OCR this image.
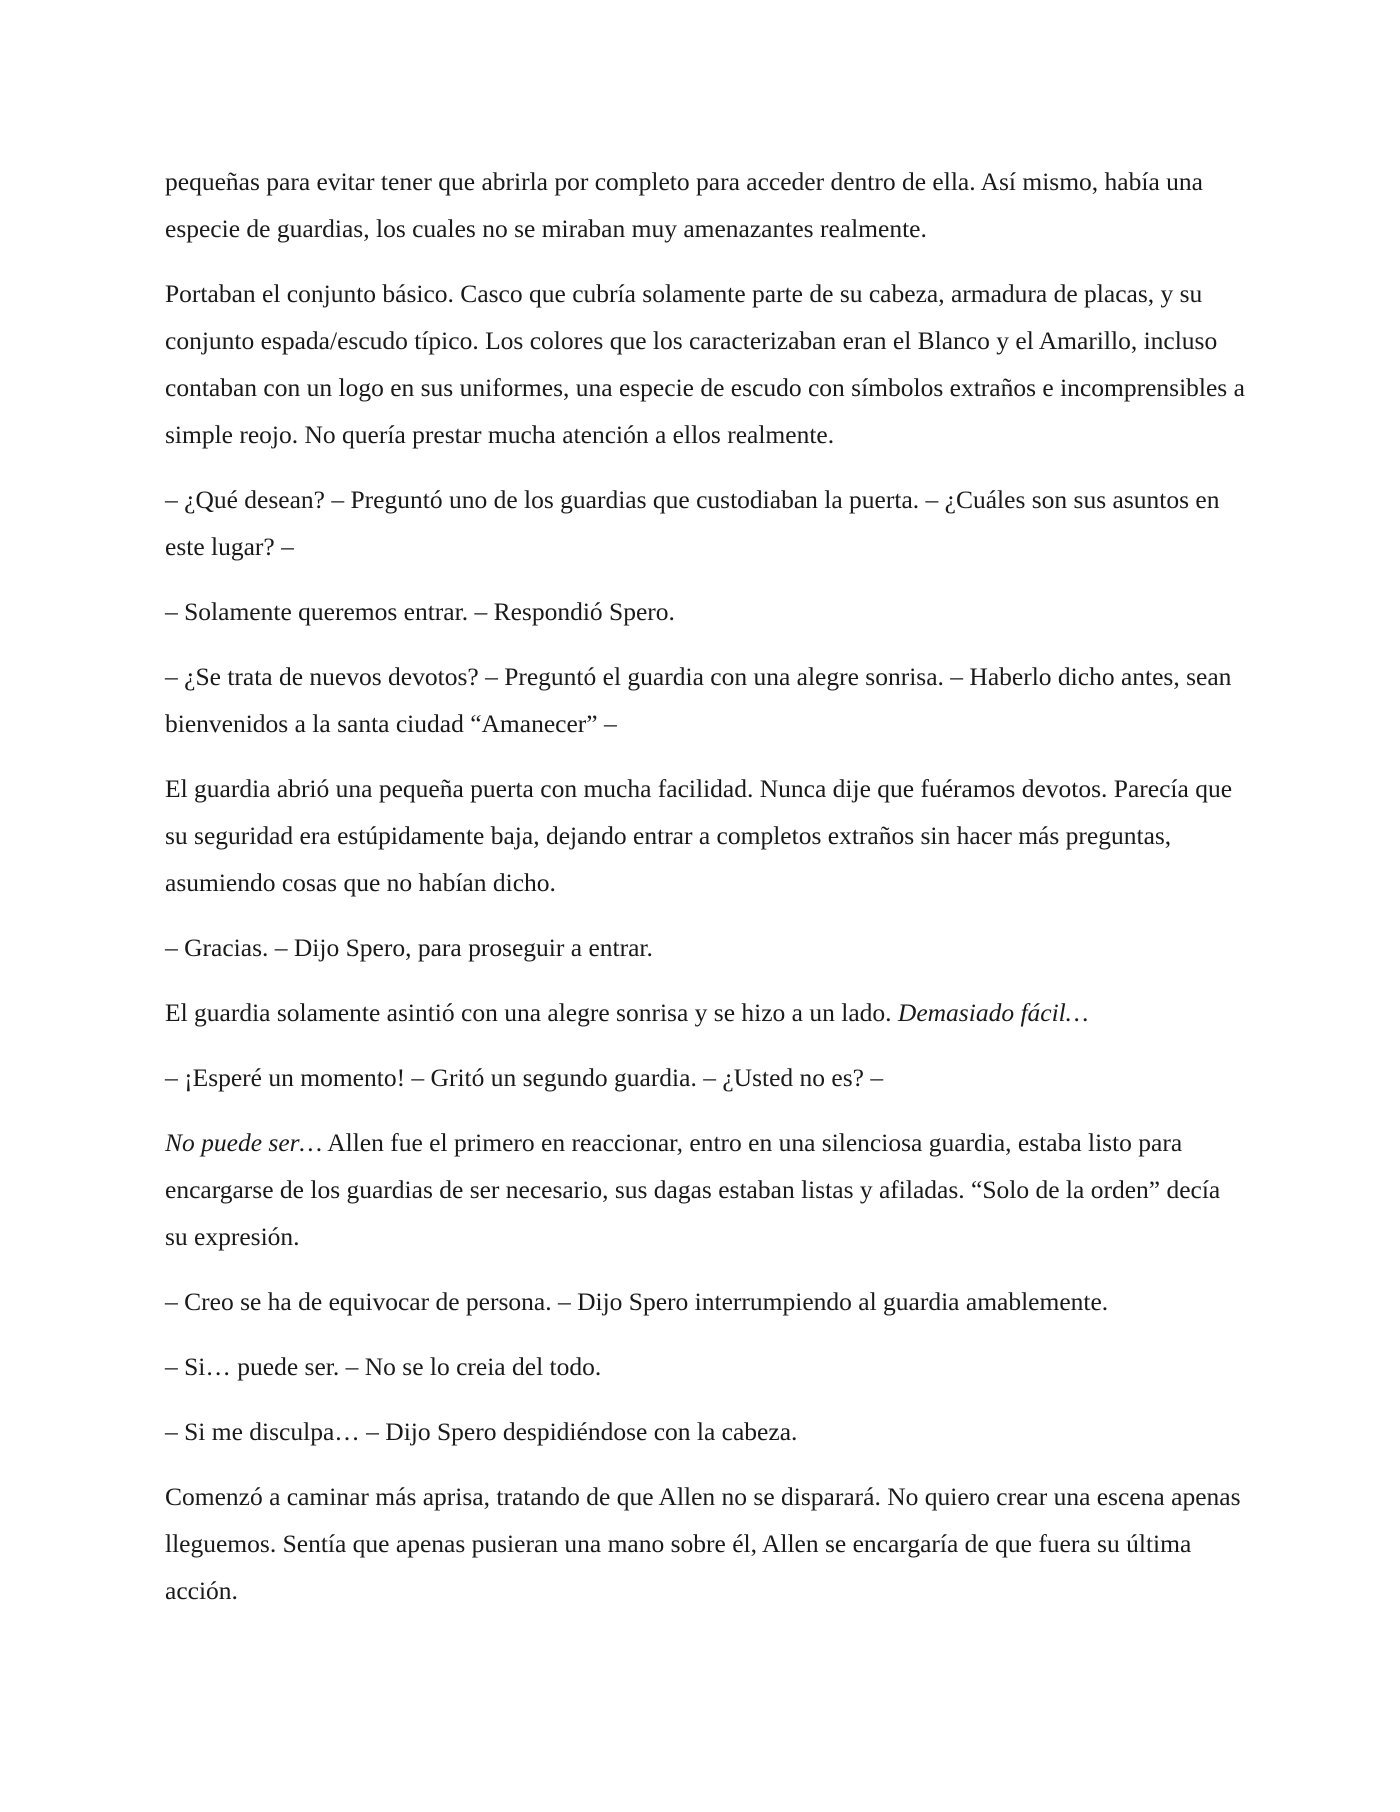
pequeñas para evitar tener que abrirla por completo para acceder dentro de ella. Así mismo, había una especie de guardias, los cuales no se miraban muy amenazantes realmente.

Portaban el conjunto básico. Casco que cubría solamente parte de su cabeza, armadura de placas, y su conjunto espada/escudo típico. Los colores que los caracterizaban eran el Blanco y el Amarillo, incluso contaban con un logo en sus uniformes, una especie de escudo con símbolos extraños e incomprensibles a simple reojo. No quería prestar mucha atención a ellos realmente.

– ¿Qué desean? – Preguntó uno de los guardias que custodiaban la puerta. – ¿Cuáles son sus asuntos en este lugar? –

– Solamente queremos entrar. – Respondió Spero.

– ¿Se trata de nuevos devotos? – Preguntó el guardia con una alegre sonrisa. – Haberlo dicho antes, sean bienvenidos a la santa ciudad “Amanecer” –

El guardia abrió una pequeña puerta con mucha facilidad. Nunca dije que fuéramos devotos. Parecía que su seguridad era estúpidamente baja, dejando entrar a completos extraños sin hacer más preguntas, asumiendo cosas que no habían dicho.

– Gracias. – Dijo Spero, para proseguir a entrar.

El guardia solamente asintió con una alegre sonrisa y se hizo a un lado. Demasiado fácil…

– ¡Esperé un momento! – Gritó un segundo guardia. – ¿Usted no es? –

No puede ser… Allen fue el primero en reaccionar, entro en una silenciosa guardia, estaba listo para encargarse de los guardias de ser necesario, sus dagas estaban listas y afiladas. “Solo de la orden” decía su expresión.

– Creo se ha de equivocar de persona. – Dijo Spero interrumpiendo al guardia amablemente.

– Si… puede ser. – No se lo creia del todo.

– Si me disculpa… – Dijo Spero despidiéndose con la cabeza.

Comenzó a caminar más aprisa, tratando de que Allen no se disparará. No quiero crear una escena apenas lleguemos. Sentía que apenas pusieran una mano sobre él, Allen se encargaría de que fuera su última acción.
